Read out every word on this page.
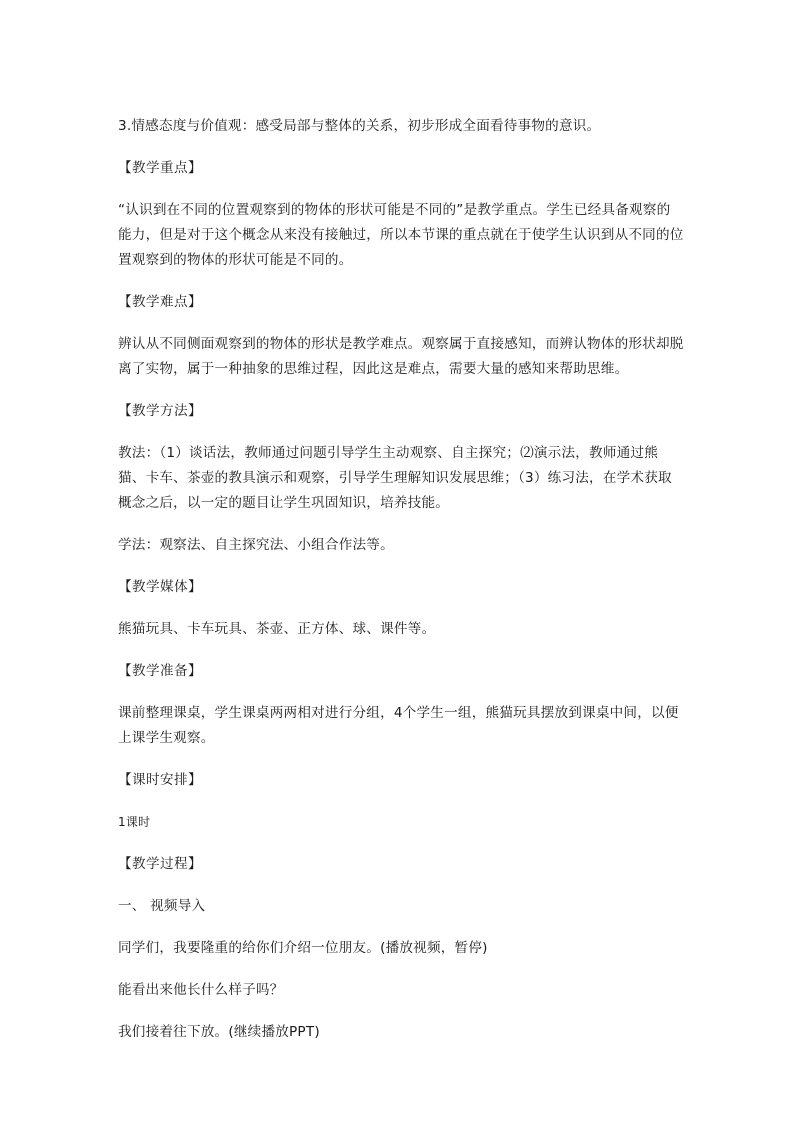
3.情感态度与价值观：感受局部与整体的关系，初步形成全面看待事物的意识。

【教学重点】

“认识到在不同的位置观察到的物体的形状可能是不同的”是教学重点。学生已经具备观察的能力，但是对于这个概念从来没有接触过，所以本节课的重点就在于使学生认识到从不同的位置观察到的物体的形状可能是不同的。

【教学难点】

辨认从不同侧面观察到的物体的形状是教学难点。观察属于直接感知，而辨认物体的形状却脱离了实物，属于一种抽象的思维过程，因此这是难点，需要大量的感知来帮助思维。

【教学方法】

教法：（1）谈话法，教师通过问题引导学生主动观察、自主探究；⑵演示法，教师通过熊猫、卡车、茶壶的教具演示和观察，引导学生理解知识发展思维；（3）练习法，在学术获取概念之后，以一定的题目让学生巩固知识，培养技能。

学法：观察法、自主探究法、小组合作法等。

【教学媒体】

熊猫玩具、卡车玩具、茶壶、正方体、球、课件等。

【教学准备】

课前整理课桌，学生课桌两两相对进行分组，4个学生一组，熊猫玩具摆放到课桌中间，以便上课学生观察。

【课时安排】

1课时

【教学过程】

一、 视频导入

同学们，我要隆重的给你们介绍一位朋友。(播放视频，暂停)

能看出来他长什么样子吗？

我们接着往下放。(继续播放PPT)
